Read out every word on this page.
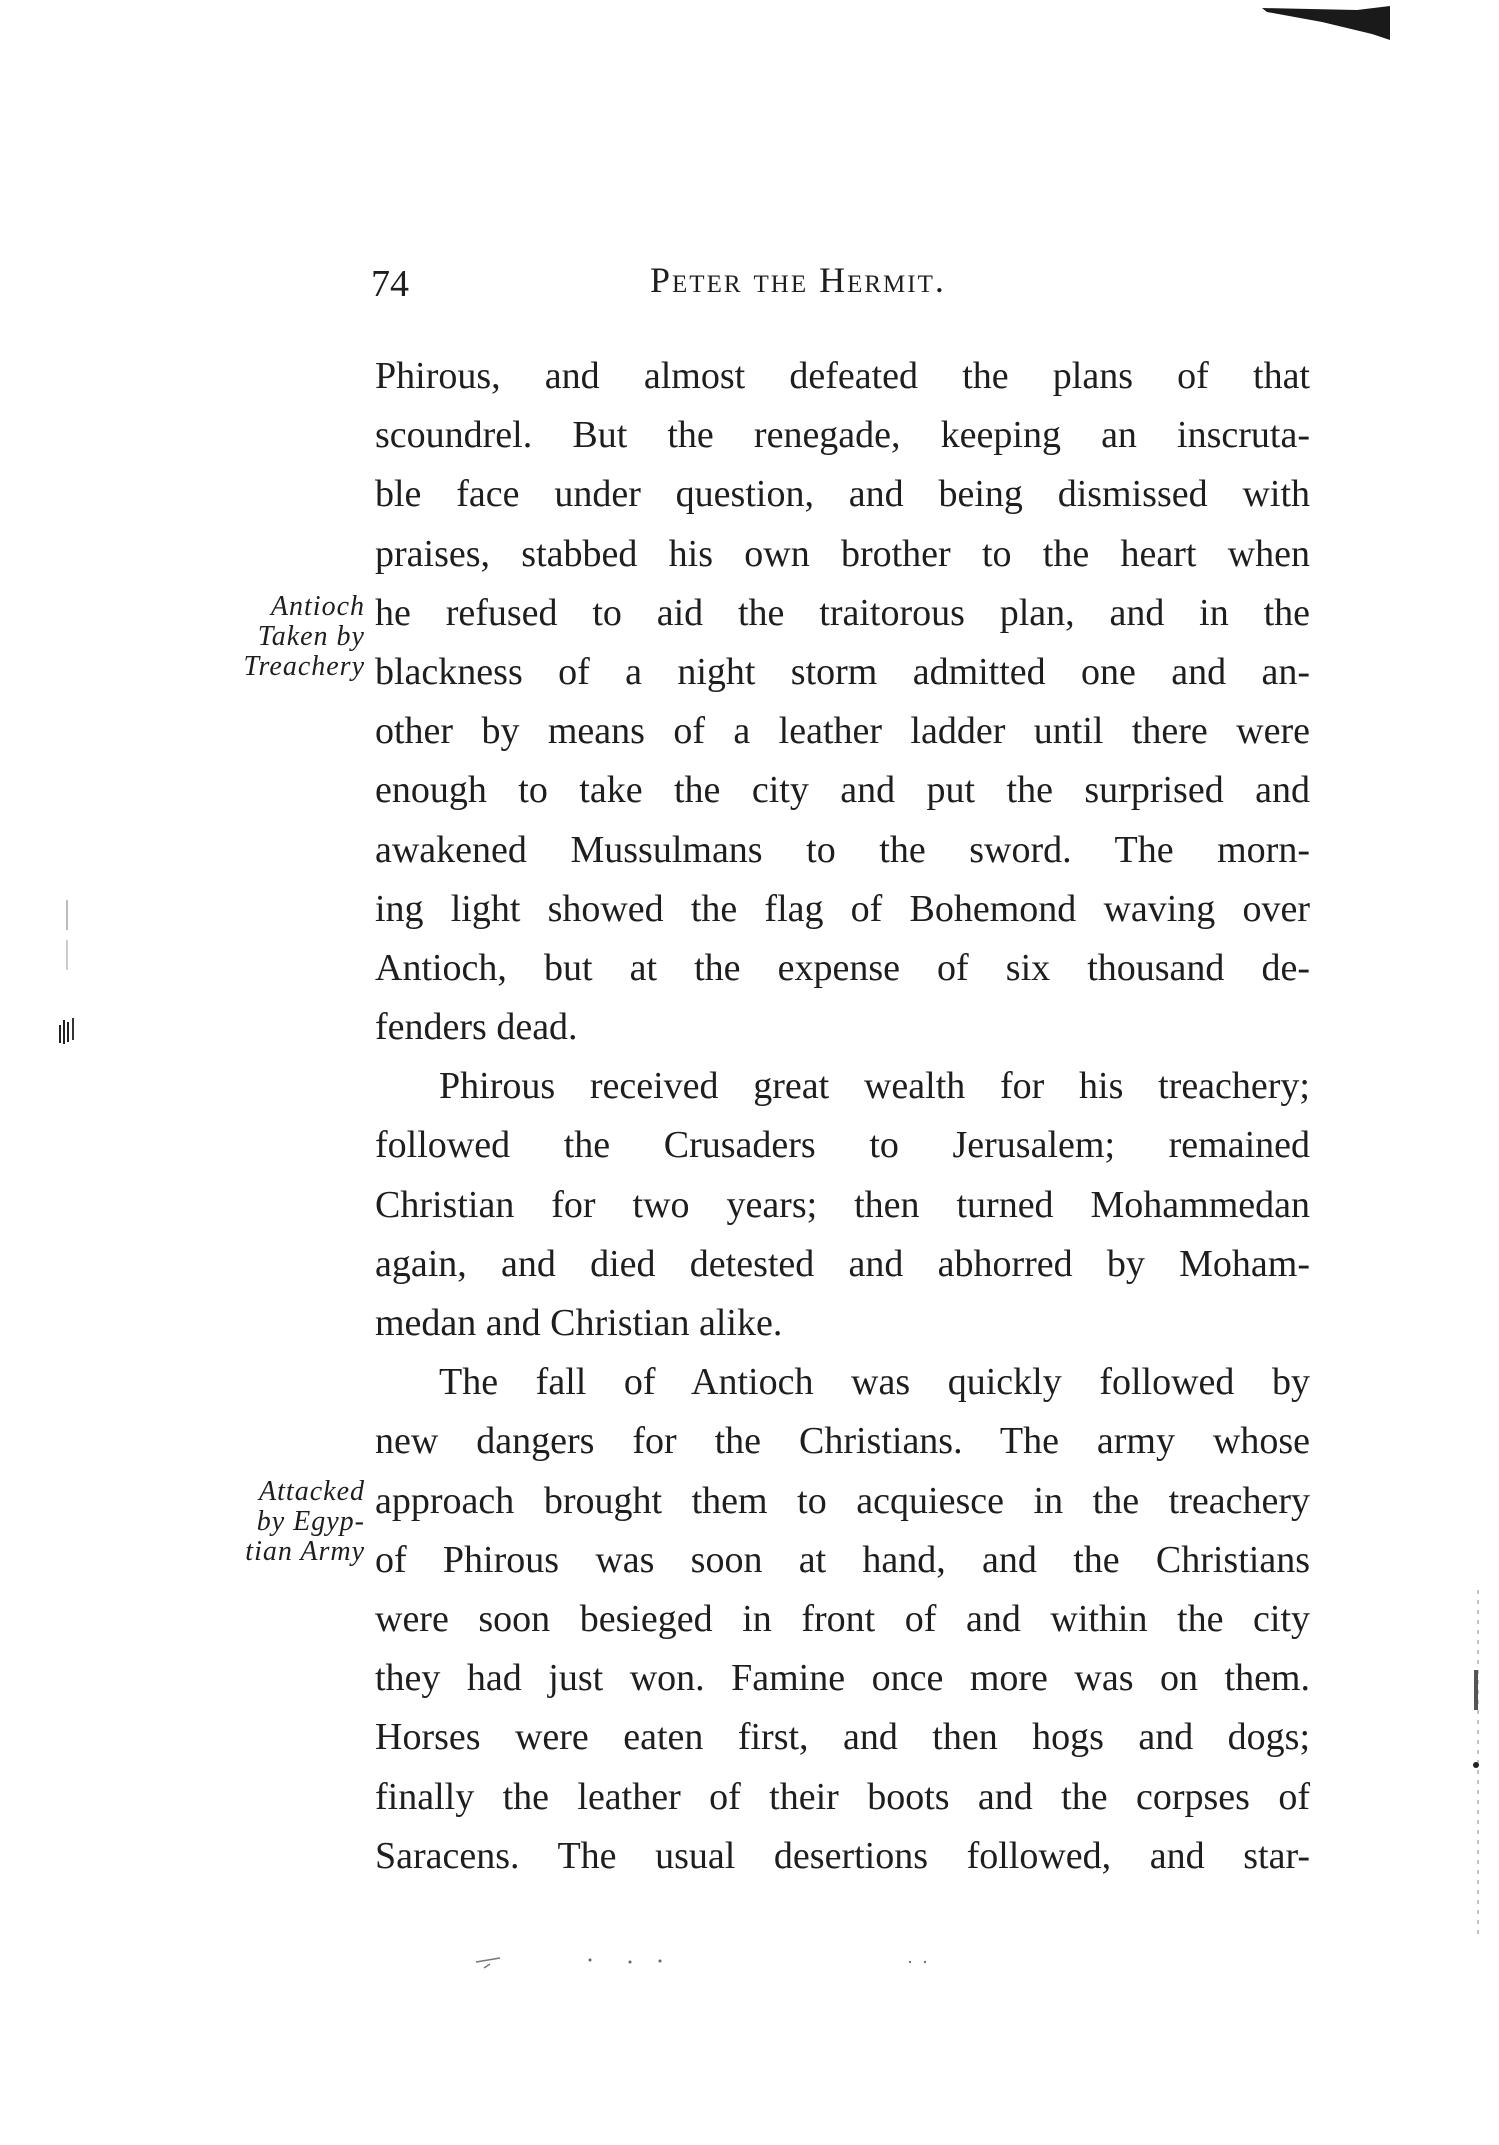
74	Peter the Hermit.
Antioch
Taken by
Treachery
Attacked
by Egyp-
tian Army
Phirous, and almost defeated the plans of that
scoundrel. But the renegade, keeping an inscruta-
ble face under question, and being dismissed with
praises, stabbed his own brother to the heart when
he refused to aid the traitorous plan, and in the
blackness of a night storm admitted one and an-
other by means of a leather ladder until there were
enough to take the city and put the surprised and
awakened Mussulmans to the sword. The morn-
ing light showed the flag of Bohemond waving over
Antioch, but at the expense of six thousand de-
fenders dead.
Phirous received great wealth for his treachery;
followed the Crusaders to Jerusalem; remained
Christian for two years; then turned Mohammedan
again, and died detested and abhorred by Moham-
medan and Christian alike.
The fall of Antioch was quickly followed by
new dangers for the Christians. The army whose
approach brought them to acquiesce in the treachery
of Phirous was soon at hand, and the Christians
were soon besieged in front of and within the city
they had just won. Famine once more was on them.
Horses were eaten first, and then hogs and dogs;
finally the leather of their boots and the corpses of
Saracens. The usual desertions followed, and star-
